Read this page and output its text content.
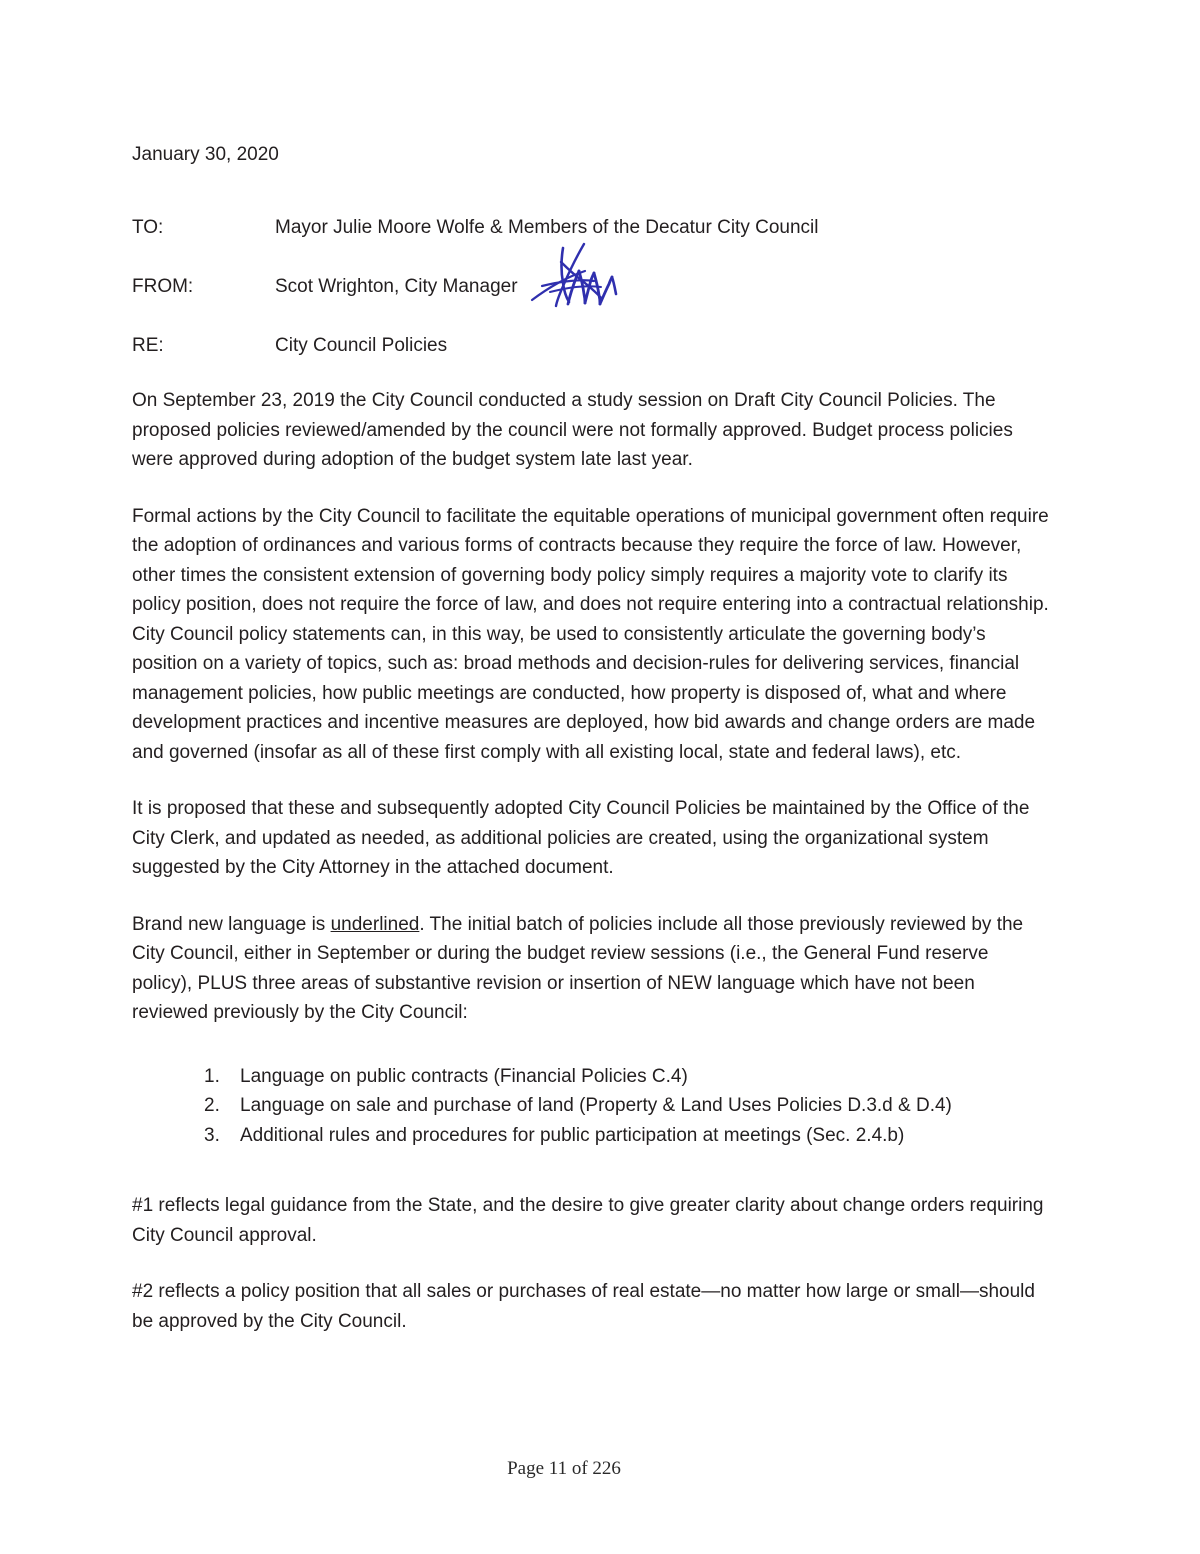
January 30, 2020
TO:	Mayor Julie Moore Wolfe & Members of the Decatur City Council
FROM:	Scot Wrighton, City Manager
RE:	City Council Policies

On September 23, 2019 the City Council conducted a study session on Draft City Council Policies. The proposed policies reviewed/amended by the council were not formally approved. Budget process policies were approved during adoption of the budget system late last year.

Formal actions by the City Council to facilitate the equitable operations of municipal government often require the adoption of ordinances and various forms of contracts because they require the force of law. However, other times the consistent extension of governing body policy simply requires a majority vote to clarify its policy position, does not require the force of law, and does not require entering into a contractual relationship. City Council policy statements can, in this way, be used to consistently articulate the governing body’s position on a variety of topics, such as: broad methods and decision-rules for delivering services, financial management policies, how public meetings are conducted, how property is disposed of, what and where development practices and incentive measures are deployed, how bid awards and change orders are made and governed (insofar as all of these first comply with all existing local, state and federal laws), etc.

It is proposed that these and subsequently adopted City Council Policies be maintained by the Office of the City Clerk, and updated as needed, as additional policies are created, using the organizational system suggested by the City Attorney in the attached document.

Brand new language is underlined. The initial batch of policies include all those previously reviewed by the City Council, either in September or during the budget review sessions (i.e., the General Fund reserve policy), PLUS three areas of substantive revision or insertion of NEW language which have not been reviewed previously by the City Council:

Language on public contracts (Financial Policies C.4)
Language on sale and purchase of land (Property & Land Uses Policies D.3.d & D.4)
Additional rules and procedures for public participation at meetings (Sec. 2.4.b)

#1 reflects legal guidance from the State, and the desire to give greater clarity about change orders requiring City Council approval.

#2 reflects a policy position that all sales or purchases of real estate—no matter how large or small—should be approved by the City Council.

Page 11 of 226
